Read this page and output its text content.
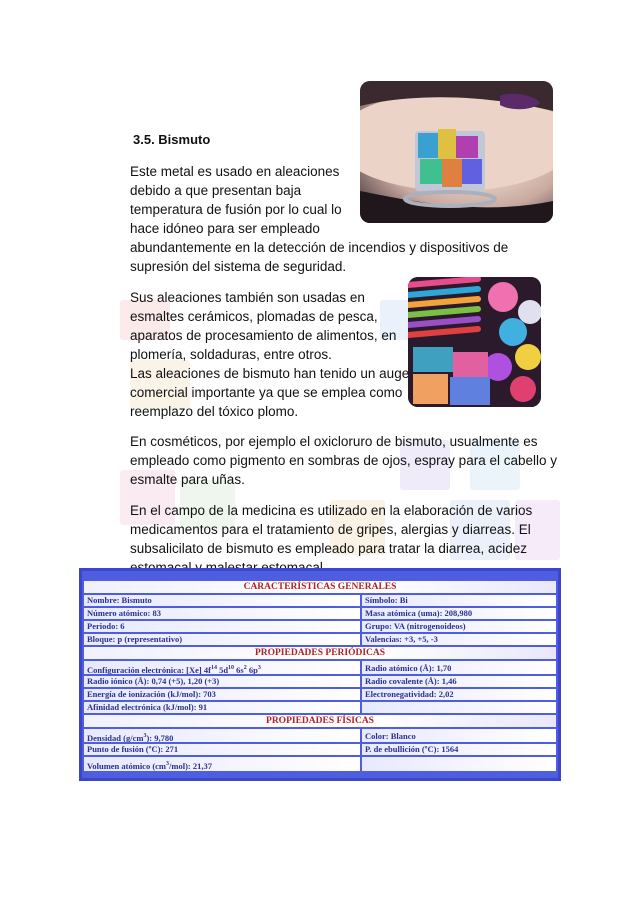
3.5. Bismuto
Este metal es usado en aleaciones
debido a que presentan baja
temperatura de fusión por lo cual lo
hace idóneo para ser empleado
abundantemente en la detección de incendios y dispositivos de
supresión del sistema de seguridad.
Sus aleaciones también son usadas en
esmaltes cerámicos, plomadas de pesca,
aparatos de procesamiento de alimentos, en
plomería, soldaduras, entre otros.
Las aleaciones de bismuto han tenido un auge
comercial importante ya que se emplea como
reemplazo del tóxico plomo.
En cosméticos, por ejemplo el oxicloruro de bismuto, usualmente es
empleado como pigmento en sombras de ojos, espray para el cabello y
esmalte para uñas.
En el campo de la medicina es utilizado en la elaboración de varios
medicamentos para el tratamiento de gripes, alergias y diarreas. El
subsalicilato de bismuto es empleado para tratar la diarrea, acidez
CARACTERÍSTICAS GENERALES
Nombre: Bismuto	Símbolo: Bi
Número atómico: 83	Masa atómica (uma): 208,980
Periodo: 6	Grupo: VA (nitrogenoideos)
Bloque: p (representativo)	Valencias: +3, +5, -3
PROPIEDADES PERIÓDICAS
Configuración electrónica: [Xe] $4f^{14}$ $5d^{10}$ $6s^2$ $6p^3$	Radio atómico (Å): 1,70
Radio iónico (Å): 0,74 (+5), 1,20 (+3)	Radio covalente (Å): 1,46
Energía de ionización (kJ/mol): 703	Electronegatividad: 2,02
Afinidad electrónica (kJ/mol): 91
PROPIEDADES FÍSICAS
Densidad $(g/cm^3)$: 9,780	Color: Blanco
Punto de fusión (ºC): 271	P. de ebullición (ºC): 1564
Volumen atómico $(cm^3/mol)$: 21,37
